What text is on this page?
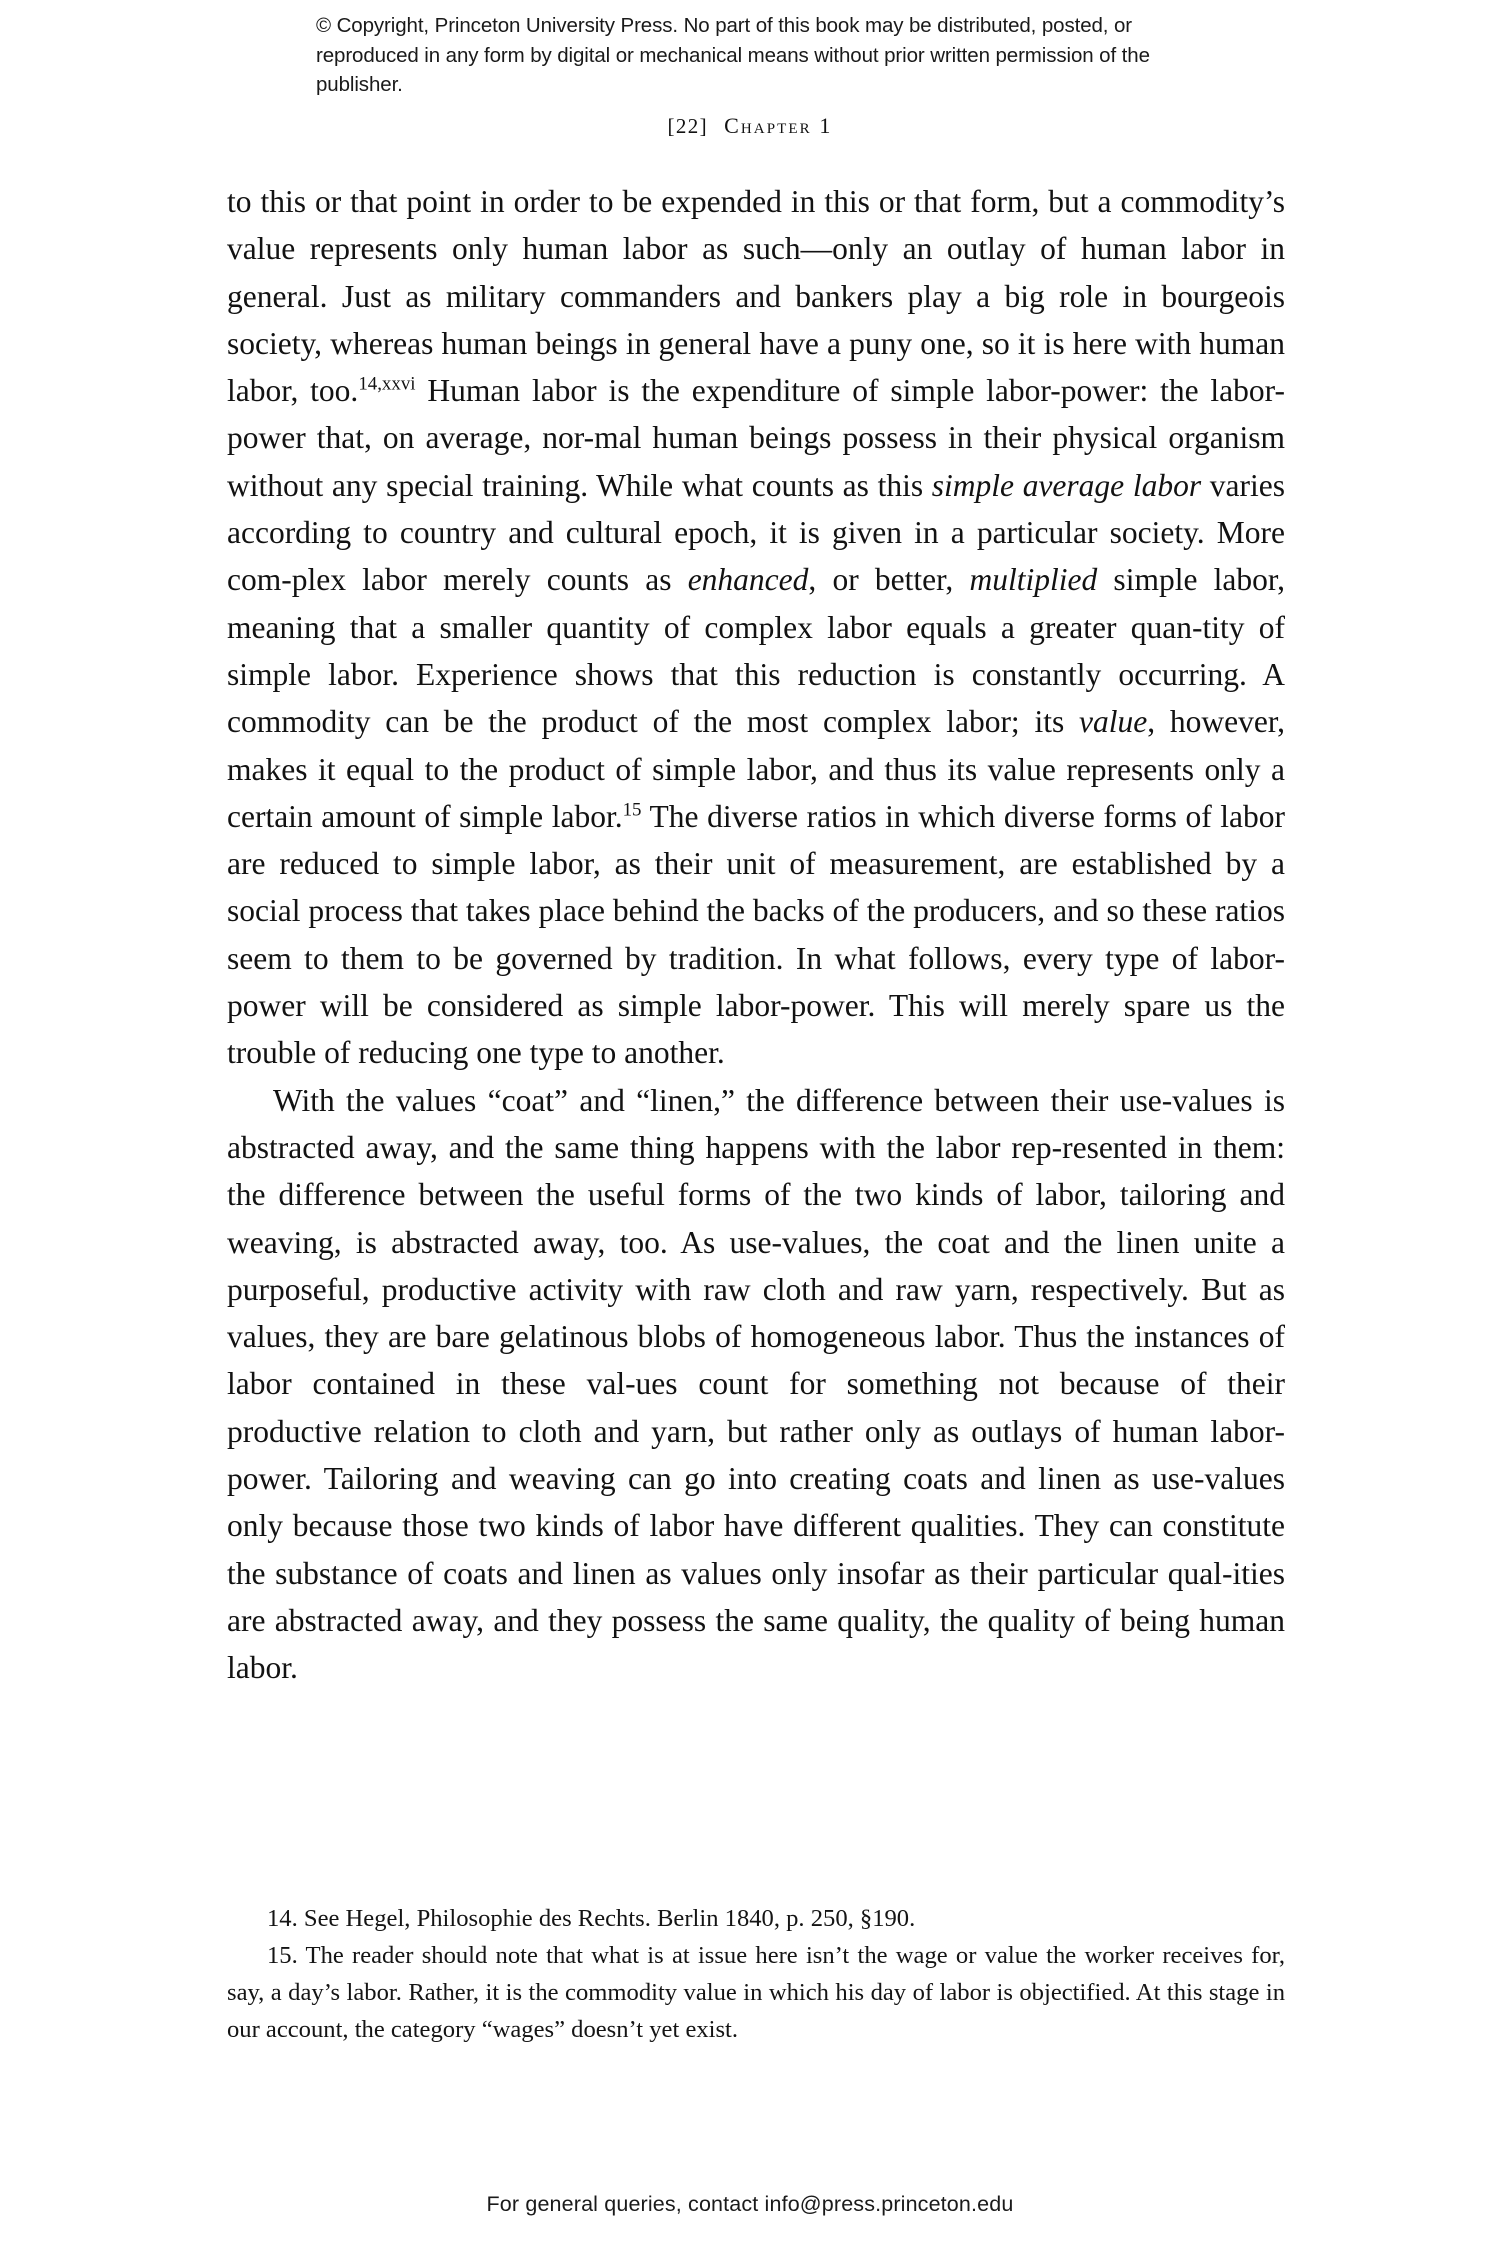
© Copyright, Princeton University Press. No part of this book may be distributed, posted, or reproduced in any form by digital or mechanical means without prior written permission of the publisher.
[22] Chapter 1

to this or that point in order to be expended in this or that form, but a commodity’s value represents only human labor as such—only an outlay of human labor in general. Just as military commanders and bankers play a big role in bourgeois society, whereas human beings in general have a puny one, so it is here with human labor, too.$^{14,xxvi}$ Human labor is the expenditure of simple labor-power: the labor-power that, on average, nor-mal human beings possess in their physical organism without any special training. While what counts as this simple average labor varies according to country and cultural epoch, it is given in a particular society. More com-plex labor merely counts as enhanced, or better, multiplied simple labor, meaning that a smaller quantity of complex labor equals a greater quan-tity of simple labor. Experience shows that this reduction is constantly occurring. A commodity can be the product of the most complex labor; its value, however, makes it equal to the product of simple labor, and thus its value represents only a certain amount of simple labor.$^{15}$ The diverse ratios in which diverse forms of labor are reduced to simple labor, as their unit of measurement, are established by a social process that takes place behind the backs of the producers, and so these ratios seem to them to be governed by tradition. In what follows, every type of labor-power will be considered as simple labor-power. This will merely spare us the trouble of reducing one type to another.

With the values “coat” and “linen,” the difference between their use-values is abstracted away, and the same thing happens with the labor rep-resented in them: the difference between the useful forms of the two kinds of labor, tailoring and weaving, is abstracted away, too. As use-values, the coat and the linen unite a purposeful, productive activity with raw cloth and raw yarn, respectively. But as values, they are bare gelatinous blobs of homogeneous labor. Thus the instances of labor contained in these val-ues count for something not because of their productive relation to cloth and yarn, but rather only as outlays of human labor-power. Tailoring and weaving can go into creating coats and linen as use-values only because those two kinds of labor have different qualities. They can constitute the substance of coats and linen as values only insofar as their particular qual-ities are abstracted away, and they possess the same quality, the quality of being human labor.

14. See Hegel, Philosophie des Rechts. Berlin 1840, p. 250, §190.

15. The reader should note that what is at issue here isn’t the wage or value the worker receives for, say, a day’s labor. Rather, it is the commodity value in which his day of labor is objectified. At this stage in our account, the category “wages” doesn’t yet exist.

For general queries, contact info@press.princeton.edu
